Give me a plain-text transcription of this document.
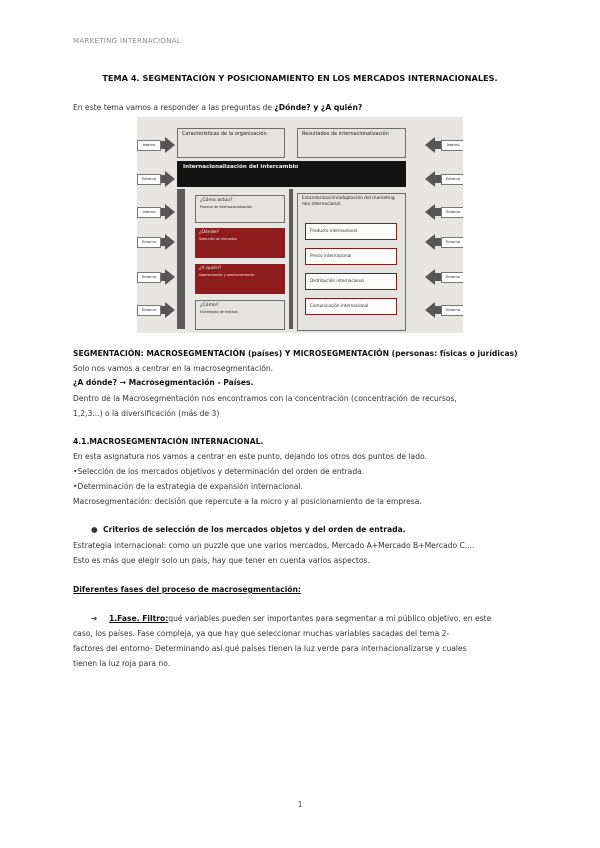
MARKETING INTERNACIONAL
TEMA 4. SEGMENTACIÓN Y POSICIONAMIENTO EN LOS MERCADOS INTERNACIONALES.
En este tema vamos a responder a las preguntas de ¿Dónde? y ¿A quién?
Interno
Externo
Interno
Entorno
Entorno
Entorno
Interno
Externo
Entorno
Entorno
Entorno
Entorno
Características de la organización	Resultados de internacionalización
Internacionalización del intercambio
¿Cómo actúo?
Proceso de internacionalización
¿Dónde?
Selección de mercados
¿A quién?
Segmentación y posicionamiento
¿Cómo?
Estrategias de entrada
Estandarización/adaptación del marketing mix internacional
Producto internacional
Precio internacional
Distribución internacional
Comunicación internacional
SEGMENTACIÓN: MACROSEGMENTACIÓN (países) Y MICROSEGMENTACIÓN (personas: físicas o jurídicas)
Solo nos vamos a centrar en la macrosegmentación.
¿A dónde? → Macrosegmentación - Países.
Dentro de la Macrosegmentación nos encontramos con la concentración (concentración de recursos,
1,2,3...) o la diversificación (más de 3)
4.1.MACROSEGMENTACIÓN INTERNACIONAL.
En esta asignatura nos vamos a centrar en este punto, dejando los otros dos puntos de lado.
•Selección de los mercados objetivos y determinación del orden de entrada.
•Determinación de la estrategia de expansión internacional.
Macrosegmentación: decisión que repercute a la micro y al posicionamiento de la empresa.
● Criterios de selección de los mercados objetos y del orden de entrada.
Estrategia internacional: como un puzzle que une varios mercados, Mercado A+Mercado B+Mercado C....
Esto es más que elegir solo un país, hay que tener en cuenta varios aspectos.
Diferentes fases del proceso de macrosegmentación:
➔ 1.Fase. Filtro:qué variables pueden ser importantes para segmentar a mi público objetivo, en este
caso, los países. Fase compleja, ya que hay que seleccionar muchas variables sacadas del tema 2-
factores del entorno- Determinando así qué países tienen la luz verde para internacionalizarse y cuales
tienen la luz roja para no.
1
